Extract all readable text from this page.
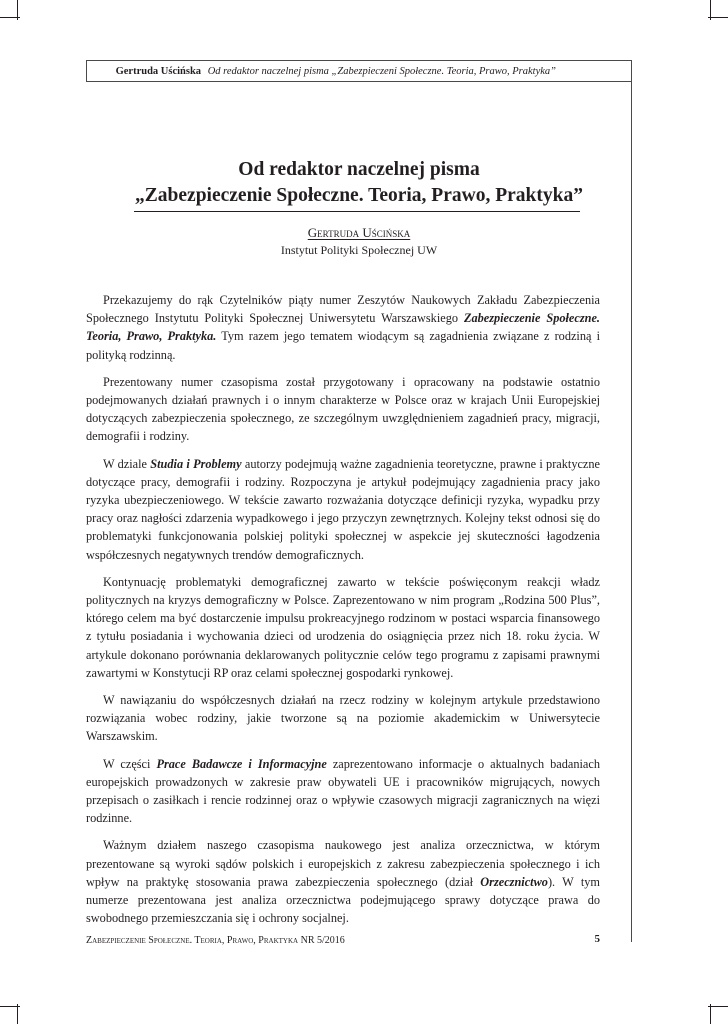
Gertruda Uścińska Od redaktor naczelnej pisma „Zabezpieczeni Społeczne. Teoria, Prawo, Praktyka”
Od redaktor naczelnej pisma
„Zabezpieczenie Społeczne. Teoria, Prawo, Praktyka”
Gertruda Uścińska
Instytut Polityki Społecznej UW

Przekazujemy do rąk Czytelników piąty numer Zeszytów Naukowych Zakładu Zabezpieczenia Społecznego Instytutu Polityki Społecznej Uniwersytetu Warszawskiego Zabezpieczenie Społeczne. Teoria, Prawo, Praktyka. Tym razem jego tematem wiodącym są zagadnienia związane z rodziną i polityką rodzinną.

Prezentowany numer czasopisma został przygotowany i opracowany na podstawie ostatnio podejmowanych działań prawnych i o innym charakterze w Polsce oraz w krajach Unii Europejskiej dotyczących zabezpieczenia społecznego, ze szczególnym uwzględnieniem zagadnień pracy, migracji, demografii i rodziny.

W dziale Studia i Problemy autorzy podejmują ważne zagadnienia teoretyczne, prawne i praktyczne dotyczące pracy, demografii i rodziny. Rozpoczyna je artykuł podejmujący zagadnienia pracy jako ryzyka ubezpieczeniowego. W tekście zawarto rozważania dotyczące definicji ryzyka, wypadku przy pracy oraz nagłości zdarzenia wypadkowego i jego przyczyn zewnętrznych. Kolejny tekst odnosi się do problematyki funkcjonowania polskiej polityki społecznej w aspekcie jej skuteczności łagodzenia współczesnych negatywnych trendów demograficznych.

Kontynuację problematyki demograficznej zawarto w tekście poświęconym reakcji władz politycznych na kryzys demograficzny w Polsce. Zaprezentowano w nim program „Rodzina 500 Plus”, którego celem ma być dostarczenie impulsu prokreacyjnego rodzinom w postaci wsparcia finansowego z tytułu posiadania i wychowania dzieci od urodzenia do osiągnięcia przez nich 18. roku życia. W artykule dokonano porównania deklarowanych politycznie celów tego programu z zapisami prawnymi zawartymi w Konstytucji RP oraz celami społecznej gospodarki rynkowej.

W nawiązaniu do współczesnych działań na rzecz rodziny w kolejnym artykule przedstawiono rozwiązania wobec rodziny, jakie tworzone są na poziomie akademickim w Uniwersytecie Warszawskim.

W części Prace Badawcze i Informacyjne zaprezentowano informacje o aktualnych badaniach europejskich prowadzonych w zakresie praw obywateli UE i pracowników migrujących, nowych przepisach o zasiłkach i rencie rodzinnej oraz o wpływie czasowych migracji zagranicznych na więzi rodzinne.

Ważnym działem naszego czasopisma naukowego jest analiza orzecznictwa, w którym prezentowane są wyroki sądów polskich i europejskich z zakresu zabezpieczenia społecznego i ich wpływ na praktykę stosowania prawa zabezpieczenia społecznego (dział Orzecznictwo). W tym numerze prezentowana jest analiza orzecznictwa podejmującego sprawy dotyczące prawa do swobodnego przemieszczania się i ochrony socjalnej.

Zabezpieczenie Społeczne. Teoria, Prawo, Praktyka NR 5/2016	5
